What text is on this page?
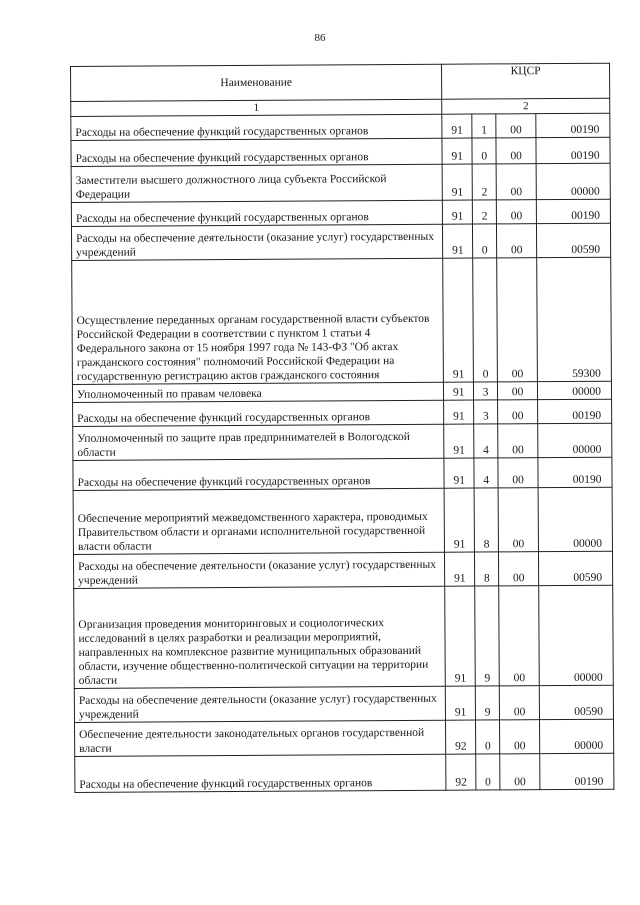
86
Наименование	КЦСР			
1	2			
Расходы на обеспечение функций государственных органов	91	1	00	00190
Расходы на обеспечение функций государственных органов	91	0	00	00190
Заместители высшего должностного лица субъекта Российской Федерации	91	2	00	00000
Расходы на обеспечение функций государственных органов	91	2	00	00190
Расходы на обеспечение деятельности (оказание услуг) государственных учреждений	91	0	00	00590
Осуществление переданных органам государственной власти субъектов Российской Федерации в соответствии с пунктом 1 статьи 4 Федерального закона от 15 ноября 1997 года № 143-ФЗ "Об актах гражданского состояния" полномочий Российской Федерации на государственную регистрацию актов гражданского состояния	91	0	00	59300
Уполномоченный по правам человека	91	3	00	00000
Расходы на обеспечение функций государственных органов	91	3	00	00190
Уполномоченный по защите прав предпринимателей в Вологодской области	91	4	00	00000
Расходы на обеспечение функций государственных органов	91	4	00	00190
Обеспечение мероприятий межведомственного характера, проводимых Правительством области и органами исполнительной государственной власти области	91	8	00	00000
Расходы на обеспечение деятельности (оказание услуг) государственных учреждений	91	8	00	00590
Организация проведения мониторинговых и социологических исследований в целях разработки и реализации мероприятий, направленных на комплексное развитие муниципальных образований области, изучение общественно-политической ситуации на территории области	91	9	00	00000
Расходы на обеспечение деятельности (оказание услуг) государственных учреждений	91	9	00	00590
Обеспечение деятельности законодательных органов государственной власти	92	0	00	00000
Расходы на обеспечение функций государственных органов	92	0	00	00190
